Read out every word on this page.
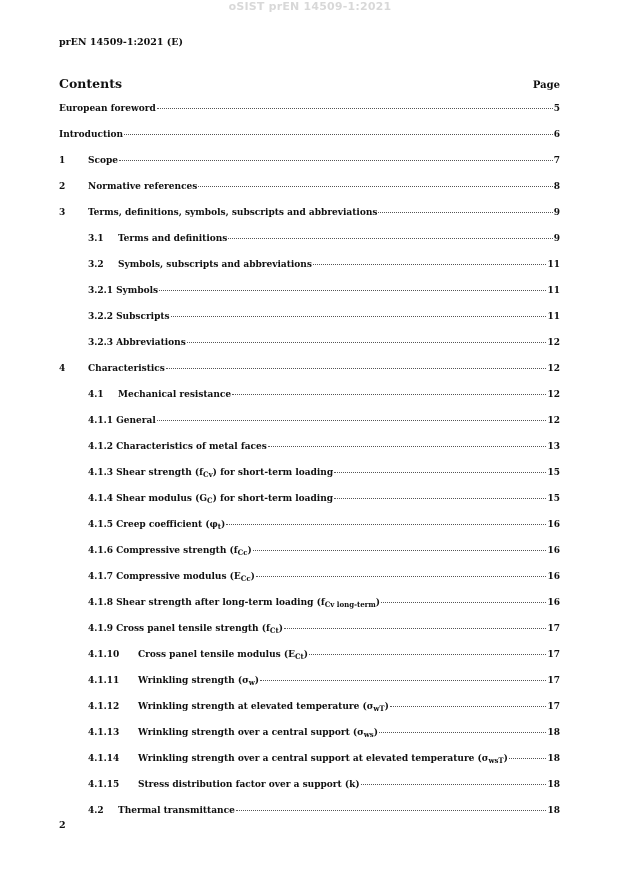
oSIST prEN 14509-1:2021
prEN 14509-1:2021 (E)
Contents	Page
European foreword	5
Introduction	6
1	Scope	7
2	Normative references	8
3	Terms, definitions, symbols, subscripts and abbreviations	9
3.1	Terms and definitions	9
3.2	Symbols, subscripts and abbreviations	11
3.2.1 Symbols	11
3.2.2 Subscripts	11
3.2.3 Abbreviations	12
4	Characteristics	12
4.1	Mechanical resistance	12
4.1.1 General	12
4.1.2 Characteristics of metal faces	13
4.1.3 Shear strength $(f_{Cv})$ for short-term loading	15
4.1.4 Shear modulus $(G_C)$ for short-term loading	15
4.1.5 Creep coefficient $(\varphi_t)$	16
4.1.6 Compressive strength $(f_{Cc})$	16
4.1.7 Compressive modulus $(E_{Cc})$	16
4.1.8 Shear strength after long-term loading $(f_{Cv long-term})$	16
4.1.9 Cross panel tensile strength $(f_{Ct})$	17
4.1.10	Cross panel tensile modulus $(E_{Ct})$	17
4.1.11	Wrinkling strength $(\sigma_w)$	17
4.1.12	Wrinkling strength at elevated temperature $(\sigma_{wT})$	17
4.1.13	Wrinkling strength over a central support $(\sigma_{ws})$	18
4.1.14	Wrinkling strength over a central support at elevated temperature $(\sigma_{wsT})$	18
4.1.15	Stress distribution factor over a support (k)	18
4.2	Thermal transmittance	18
2
